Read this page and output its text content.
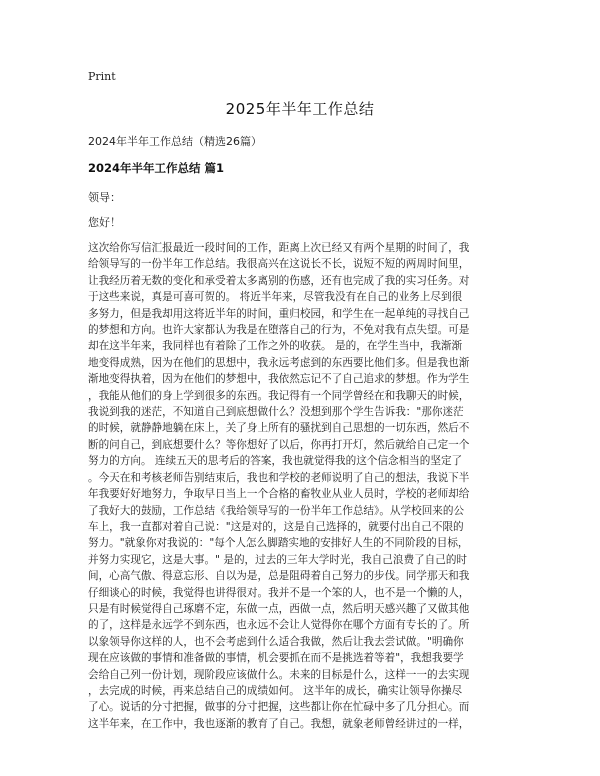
Print
2025年半年工作总结
2024年半年工作总结（精选26篇）
2024年半年工作总结 篇1
领导：
您好！
这次给你写信汇报最近一段时间的工作，距离上次已经又有两个星期的时间了，我
给领导写的一份半年工作总结。我很高兴在这说长不长，说短不短的两周时间里，
让我经历着无数的变化和承受着太多离别的伤感，还有也完成了我的实习任务。对
于这些来说，真是可喜可贺的。 将近半年来，尽管我没有在自己的业务上尽到很
多努力，但是我却用这将近半年的时间，重归校园，和学生在一起单纯的寻找自己
的梦想和方向。也许大家都认为我是在堕落自己的行为，不免对我有点失望。可是
却在这半年来，我同样也有着除了工作之外的收获。 是的，在学生当中，我渐渐
地变得成熟，因为在他们的思想中，我永远考虑到的东西要比他们多。但是我也渐
渐地变得执着，因为在他们的梦想中，我依然忘记不了自己追求的梦想。作为学生
，我能从他们的身上学到很多的东西。我记得有一个同学曾经在和我聊天的时候，
我说到我的迷茫，不知道自己到底想做什么？没想到那个学生告诉我："那你迷茫
的时候，就静静地躺在床上，关了身上所有的骚扰到自己思想的一切东西，然后不
断的问自己，到底想要什么？等你想好了以后，你再打开灯，然后就给自己定一个
努力的方向。 连续五天的思考后的答案，我也就觉得我的这个信念相当的坚定了
。今天在和考核老师告别结束后，我也和学校的老师说明了自己的想法，我说下半
年我要好好地努力，争取早日当上一个合格的畜牧业从业人员时，学校的老师却给
了我好大的鼓励，工作总结《我给领导写的一份半年工作总结》。从学校回来的公
车上，我一直都对着自己说："这是对的，这是自己选择的，就要付出自己不限的
努力。"就象你对我说的："每个人怎么脚踏实地的安排好人生的不同阶段的目标，
并努力实现它，这是大事。" 是的，过去的三年大学时光，我自己浪费了自己的时
间，心高气傲、得意忘形、自以为是，总是阻碍着自己努力的步伐。同学那天和我
仔细谈心的时候，我觉得也讲得很对。我并不是一个笨的人，也不是一个懒的人，
只是有时候觉得自己琢磨不定，东做一点，西做一点，然后明天感兴趣了又做其他
的了，这样是永远学不到东西，也永远不会让人觉得你在哪个方面有专长的了。所
以象领导你这样的人，也不会考虑到什么适合我做，然后让我去尝试做。"明确你
现在应该做的事情和准备做的事情，机会要抓在而不是挑选着等着"，我想我要学
会给自己列一份计划，现阶段应该做什么。未来的目标是什么，这样一一的去实现
，去完成的时候，再来总结自己的成绩如何。 这半年的成长，确实让领导你操尽
了心。说话的分寸把握，做事的分寸把握，这些都让你在忙碌中多了几分担心。而
这半年来，在工作中，我也逐渐的教育了自己。我想，就象老师曾经讲过的一样，
